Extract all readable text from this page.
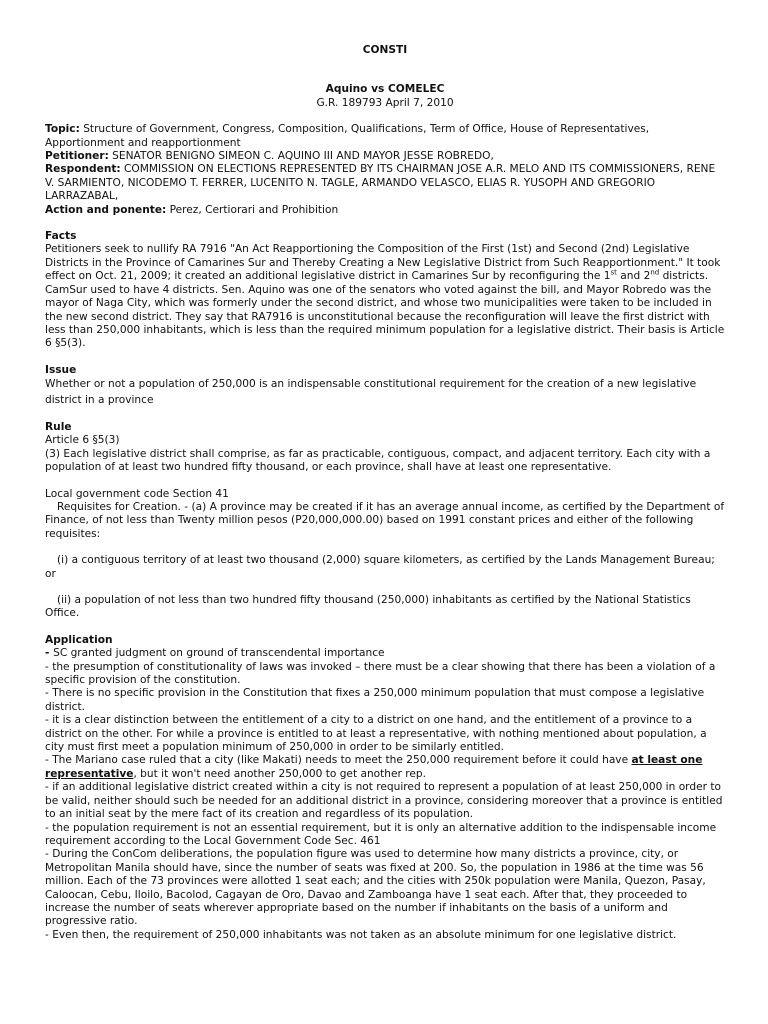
CONSTI

Aquino vs COMELEC

G.R. 189793 April 7, 2010

Topic: Structure of Government, Congress, Composition, Qualifications, Term of Office, House of Representatives, Apportionment and reapportionment

Petitioner: SENATOR BENIGNO SIMEON C. AQUINO III AND MAYOR JESSE ROBREDO,

Respondent: COMMISSION ON ELECTIONS REPRESENTED BY ITS CHAIRMAN JOSE A.R. MELO AND ITS COMMISSIONERS, RENE V. SARMIENTO, NICODEMO T. FERRER, LUCENITO N. TAGLE, ARMANDO VELASCO, ELIAS R. YUSOPH AND GREGORIO LARRAZABAL,

Action and ponente: Perez, Certiorari and Prohibition

Facts

Petitioners seek to nullify RA 7916 "An Act Reapportioning the Composition of the First (1st) and Second (2nd) Legislative Districts in the Province of Camarines Sur and Thereby Creating a New Legislative District from Such Reapportionment." It took effect on Oct. 21, 2009; it created an additional legislative district in Camarines Sur by reconfiguring the 1st and 2nd districts. CamSur used to have 4 districts. Sen. Aquino was one of the senators who voted against the bill, and Mayor Robredo was the mayor of Naga City, which was formerly under the second district, and whose two municipalities were taken to be included in the new second district. They say that RA7916 is unconstitutional because the reconfiguration will leave the first district with less than 250,000 inhabitants, which is less than the required minimum population for a legislative district. Their basis is Article 6 §5(3).

Issue

Whether or not a population of 250,000 is an indispensable constitutional requirement for the creation of a new legislative district in a province

Rule

Article 6 §5(3)

(3) Each legislative district shall comprise, as far as practicable, contiguous, compact, and adjacent territory. Each city with a population of at least two hundred fifty thousand, or each province, shall have at least one representative.

Local government code Section 41

Requisites for Creation. - (a) A province may be created if it has an average annual income, as certified by the Department of Finance, of not less than Twenty million pesos (P20,000,000.00) based on 1991 constant prices and either of the following requisites:

(i) a contiguous territory of at least two thousand (2,000) square kilometers, as certified by the Lands Management Bureau; or

(ii) a population of not less than two hundred fifty thousand (250,000) inhabitants as certified by the National Statistics Office.

Application

- SC granted judgment on ground of transcendental importance

- the presumption of constitutionality of laws was invoked – there must be a clear showing that there has been a violation of a specific provision of the constitution.

- There is no specific provision in the Constitution that fixes a 250,000 minimum population that must compose a legislative district.

- it is a clear distinction between the entitlement of a city to a district on one hand, and the entitlement of a province to a district on the other. For while a province is entitled to at least a representative, with nothing mentioned about population, a city must first meet a population minimum of 250,000 in order to be similarly entitled.

- The Mariano case ruled that a city (like Makati) needs to meet the 250,000 requirement before it could have at least one representative, but it won't need another 250,000 to get another rep.

- if an additional legislative district created within a city is not required to represent a population of at least 250,000 in order to be valid, neither should such be needed for an additional district in a province, considering moreover that a province is entitled to an initial seat by the mere fact of its creation and regardless of its population.

- the population requirement is not an essential requirement, but it is only an alternative addition to the indispensable income requirement according to the Local Government Code Sec. 461

- During the ConCom deliberations, the population figure was used to determine how many districts a province, city, or Metropolitan Manila should have, since the number of seats was fixed at 200. So, the population in 1986 at the time was 56 million. Each of the 73 provinces were allotted 1 seat each; and the cities with 250k population were Manila, Quezon, Pasay, Caloocan, Cebu, Iloilo, Bacolod, Cagayan de Oro, Davao and Zamboanga have 1 seat each. After that, they proceeded to increase the number of seats wherever appropriate based on the number if inhabitants on the basis of a uniform and progressive ratio.

- Even then, the requirement of 250,000 inhabitants was not taken as an absolute minimum for one legislative district.
